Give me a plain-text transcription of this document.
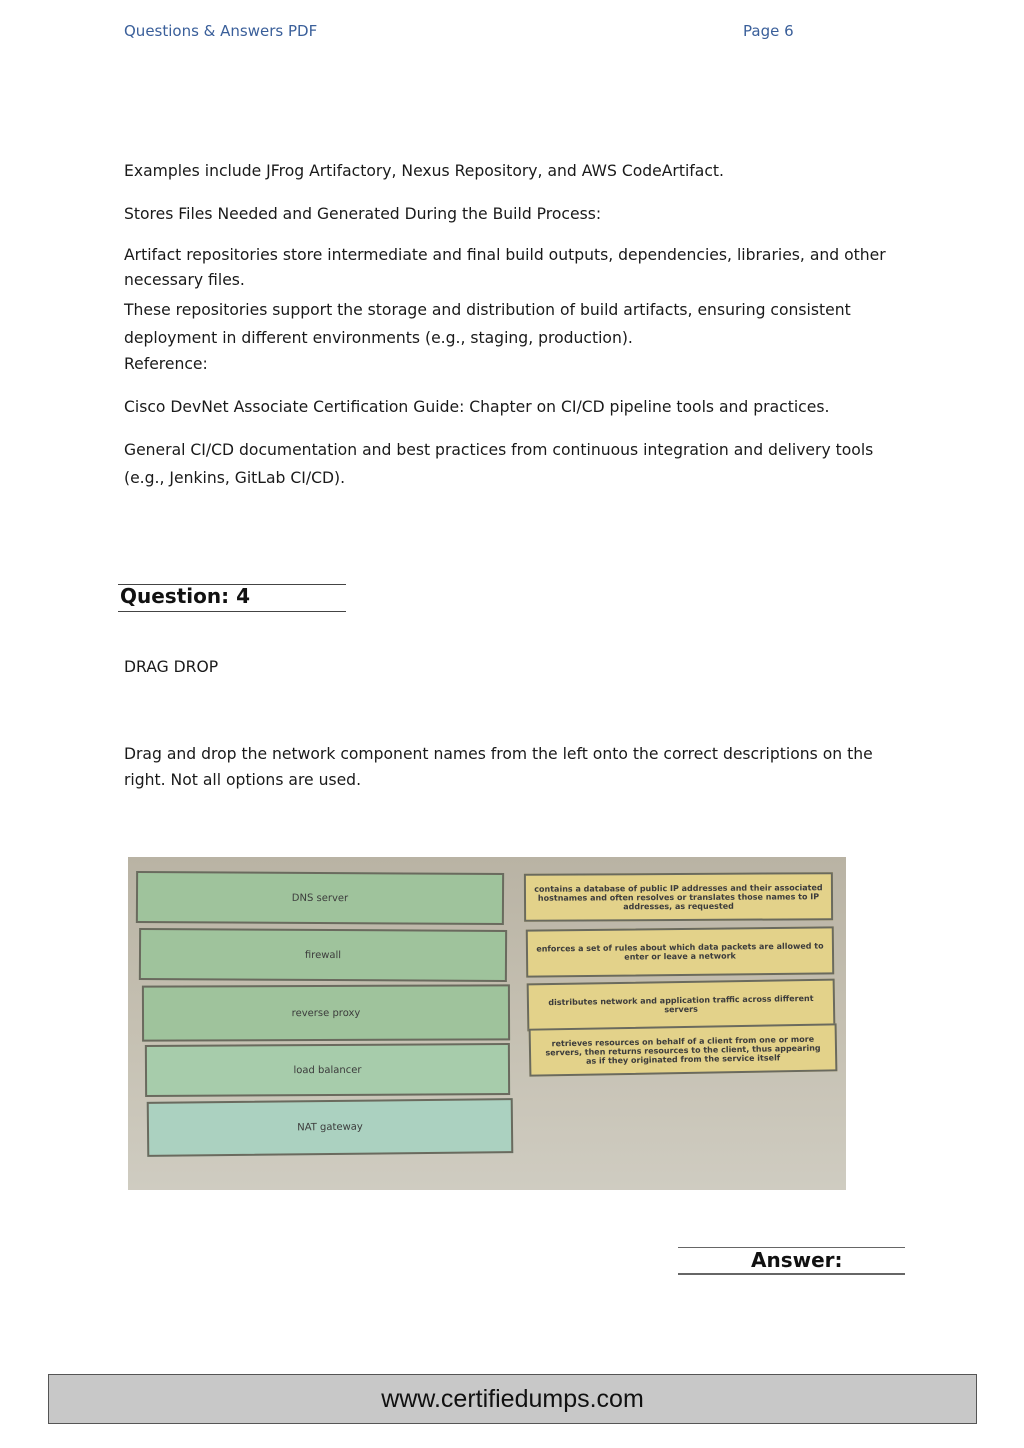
Questions & Answers PDF	Page 6
Examples include JFrog Artifactory, Nexus Repository, and AWS CodeArtifact.
Stores Files Needed and Generated During the Build Process:
Artifact repositories store intermediate and final build outputs, dependencies, libraries, and other necessary files.
These repositories support the storage and distribution of build artifacts, ensuring consistent deployment in different environments (e.g., staging, production).
Reference:
Cisco DevNet Associate Certification Guide: Chapter on CI/CD pipeline tools and practices.
General CI/CD documentation and best practices from continuous integration and delivery tools (e.g., Jenkins, GitLab CI/CD).
Question: 4
DRAG DROP
Drag and drop the network component names from the left onto the correct descriptions on the right. Not all options are used.
DNS server
firewall
reverse proxy
load balancer
NAT gateway
contains a database of public IP addresses and their associated hostnames and often resolves or translates those names to IP addresses, as requested
enforces a set of rules about which data packets are allowed to enter or leave a network
distributes network and application traffic across different servers
retrieves resources on behalf of a client from one or more servers, then returns resources to the client, thus appearing as if they originated from the service itself
Answer:
www.certifiedumps.com
